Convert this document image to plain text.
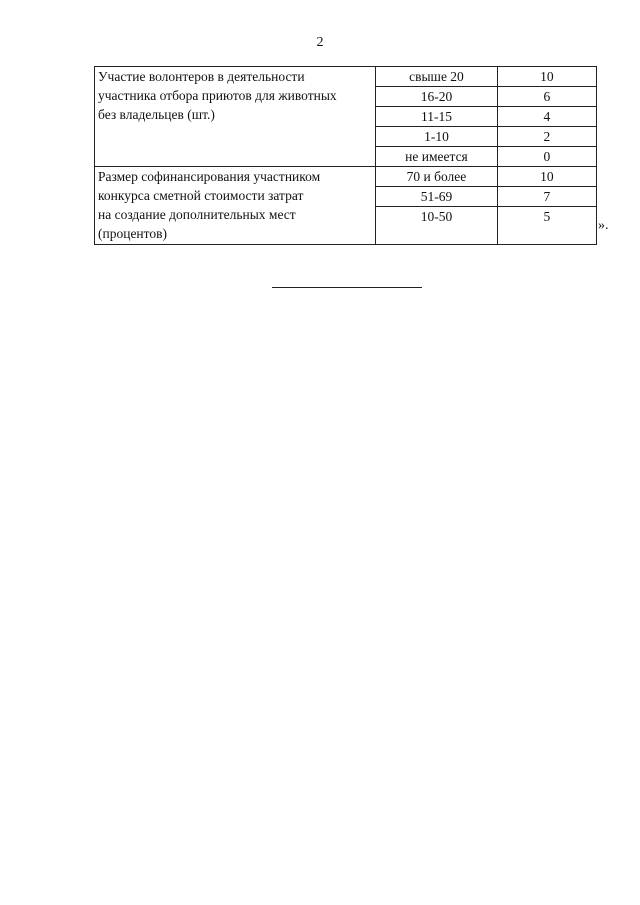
2
Участие волонтеров в деятельности
участника отбора приютов для животных
без владельцев (шт.)	свыше 20	10
	16-20	6
	11-15	4
	1-10	2
	не имеется	0

Размер софинансирования участником
конкурса сметной стоимости затрат
на создание дополнительных мест
(процентов)	70 и более	10
	51-69	7
	10-50	5
».
